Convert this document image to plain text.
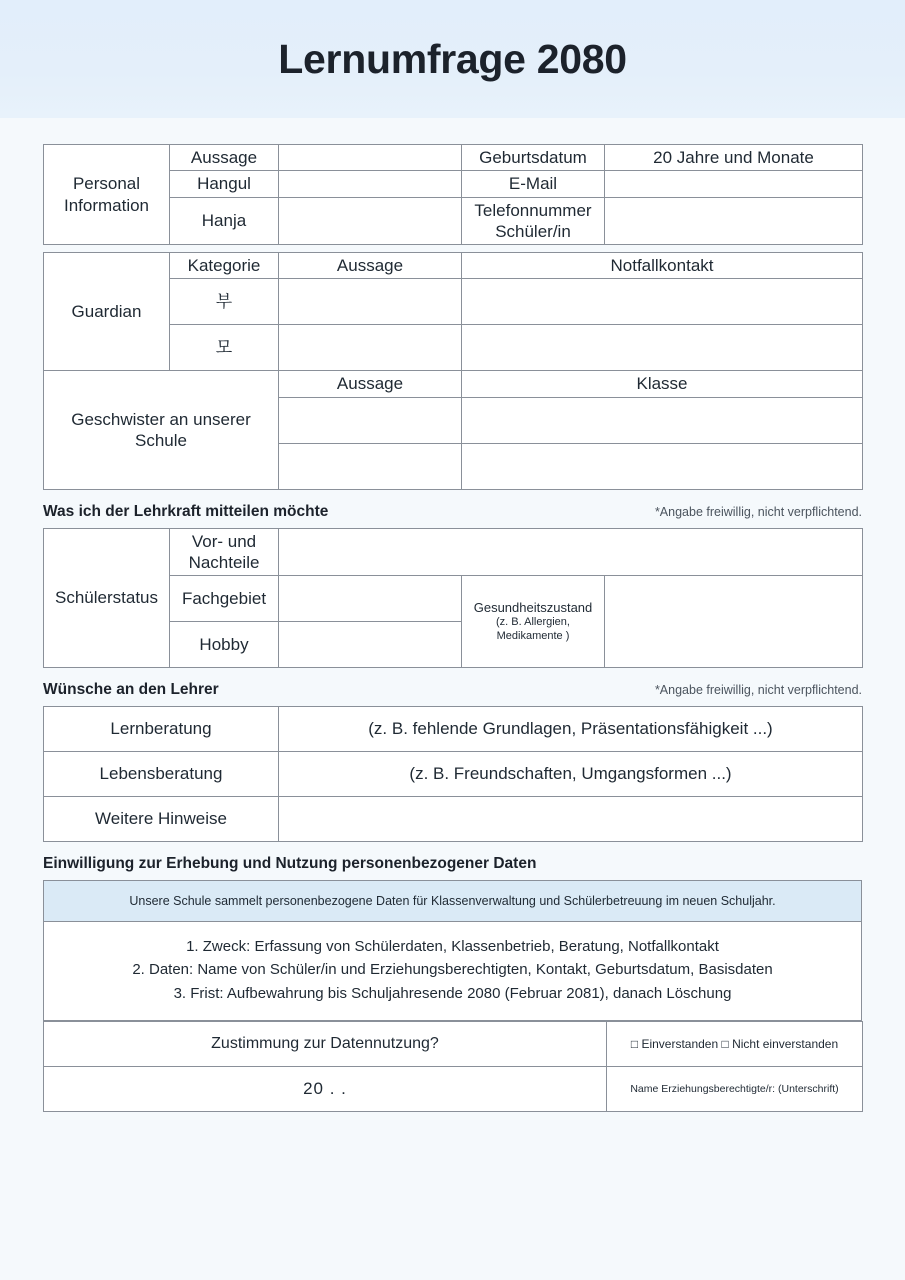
Lernumfrage 2080
Personal Information	Aussage		Geburtsdatum	20 Jahre und Monate
	Hangul		E-Mail	
	Hanja		Telefonnummer Schüler/in	
Guardian	Kategorie	Aussage	Notfallkontakt
	부		
	모		
Geschwister an unserer Schule		Aussage	Klasse

Was ich der Lehrkraft mitteilen möchte	*Angabe freiwillig, nicht verpflichtend.
Schülerstatus	Vor- und Nachteile			
	Fachgebiet		Gesundheitszustand
(z. B. Allergien, Medikamente )	

	Hobby			
Wünsche an den Lehrer	*Angabe freiwillig, nicht verpflichtend.
Lernberatung	(z. B. fehlende Grundlagen, Präsentationsfähigkeit ...)
Lebensberatung	(z. B. Freundschaften, Umgangsformen ...)
Weitere Hinweise	
Einwilligung zur Erhebung und Nutzung personenbezogener Daten
Unsere Schule sammelt personenbezogene Daten für Klassenverwaltung und Schülerbetreuung im neuen Schuljahr.
1. Zweck: Erfassung von Schülerdaten, Klassenbetrieb, Beratung, Notfallkontakt
2. Daten: Name von Schüler/in und Erziehungsberechtigten, Kontakt, Geburtsdatum, Basisdaten
3. Frist: Aufbewahrung bis Schuljahresende 2080 (Februar 2081), danach Löschung
Zustimmung zur Datennutzung?	□ Einverstanden □ Nicht einverstanden
20 . .	Name Erziehungsberechtigte/r: (Unterschrift)
